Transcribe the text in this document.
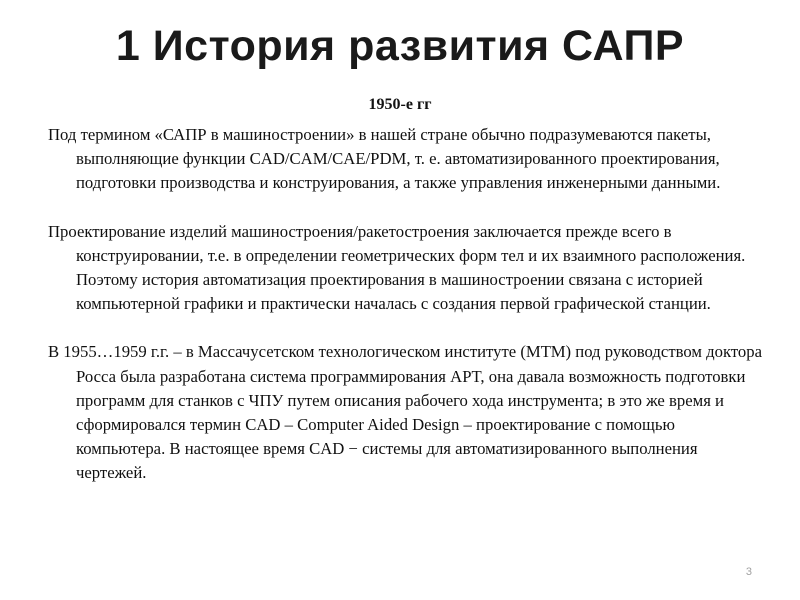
1 История развития САПР
1950-е гг

Под термином «САПР в машиностроении» в нашей стране обычно подразумеваются пакеты, выполняющие функции CAD/CAM/CAE/PDM, т. е. автоматизированного проектирования, подготовки производства и конструирования, а также управления инженерными данными.

Проектирование изделий машиностроения/ракетостроения заключается прежде всего в конструировании, т.е. в определении геометрических форм тел и их взаимного расположения. Поэтому история автоматизация проектирования в машиностроении связана с историей компьютерной графики и практически началась с создания первой графической станции.

В 1955…1959 г.г. – в Массачусетском технологическом институте (МТМ) под руководством доктора Росса была разработана система программирования APT, она давала возможность подготовки программ для станков с ЧПУ путем описания рабочего хода инструмента; в это же время и сформировался термин CAD – Computer Aided Design – проектирование с помощью компьютера. В настоящее время CAD − системы для автоматизированного выполнения чертежей.

3
